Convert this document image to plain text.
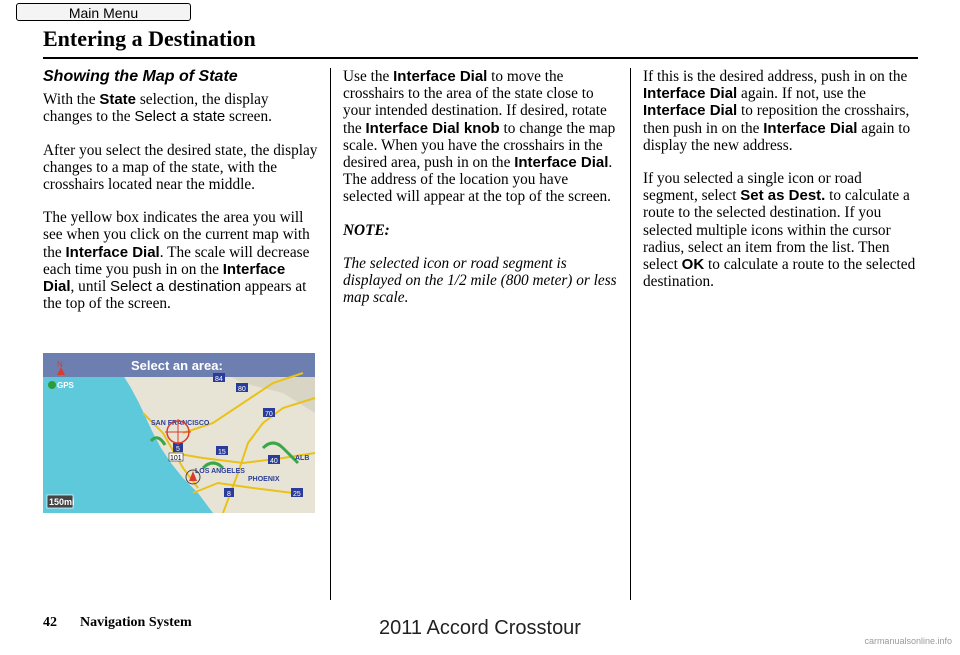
Main Menu
Entering a Destination
Showing the Map of State

With the State selection, the display changes to the Select a state screen.

After you select the desired state, the display changes to a map of the state, with the crosshairs located near the middle.

The yellow box indicates the area you will see when you click on the current map with the Interface Dial. The scale will decrease each time you push in on the Interface Dial, until Select a destination appears at the top of the screen.

Select an area:
N
GPS
84
80
70
5	15
101	40
8	25
SAN FRANCISCO
LOS ANGELES
PHOENIX
ALB
150mi

Use the Interface Dial to move the crosshairs to the area of the state close to your intended destination. If desired, rotate the Interface Dial knob to change the map scale. When you have the crosshairs in the desired area, push in on the Interface Dial. The address of the location you have selected will appear at the top of the screen.

NOTE:

The selected icon or road segment is displayed on the 1/2 mile (800 meter) or less map scale.

If this is the desired address, push in on the Interface Dial again. If not, use the Interface Dial to reposition the crosshairs, then push in on the Interface Dial again to display the new address.

If you selected a single icon or road segment, select Set as Dest. to calculate a route to the selected destination. If you selected multiple icons within the cursor radius, select an item from the list. Then select OK to calculate a route to the selected destination.

42 Navigation System	2011 Accord Crosstour
carmanualsonline.info
